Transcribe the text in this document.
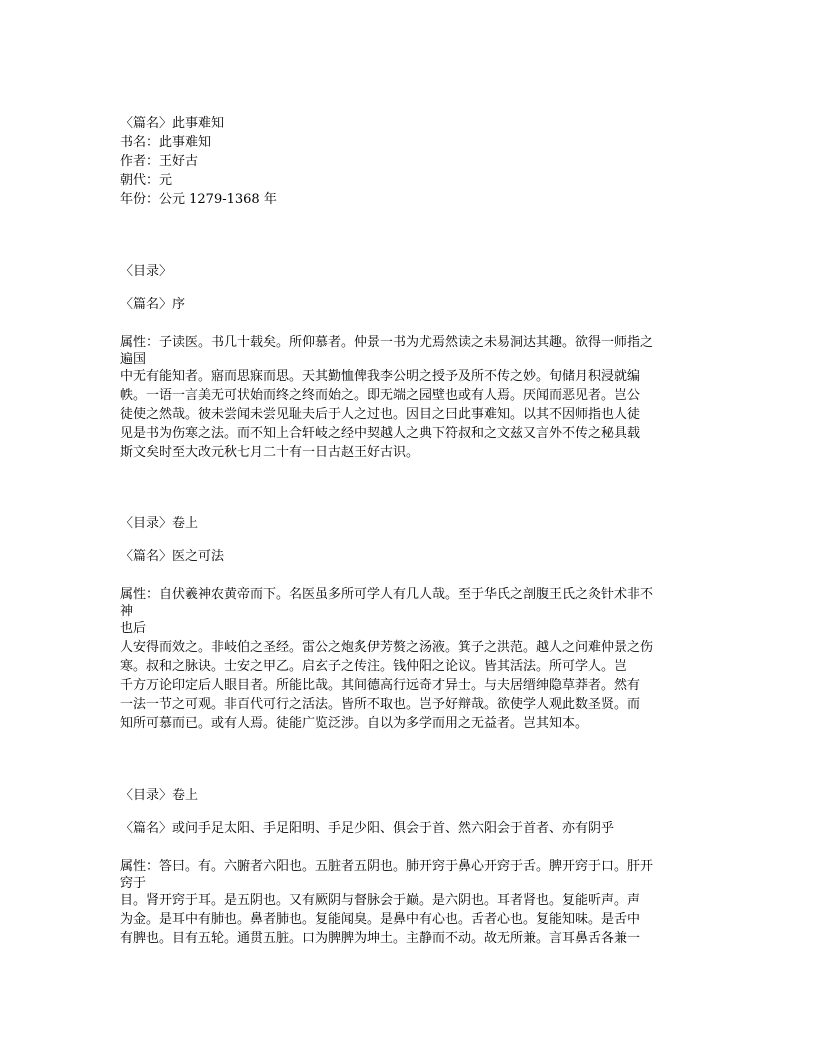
〈篇名〉此事难知
书名：此事难知
作者：王好古
朝代：元
年份：公元 1279-1368 年
〈目录〉
〈篇名〉序
属性：子读医。书几十载矣。所仰慕者。仲景一书为尤焉然读之未易洞达其趣。欲得一师指之
遍国
中无有能知者。寤而思寐而思。天其勤恤俾我李公明之授予及所不传之妙。旬储月积浸就编
帙。一语一言美无可状始而终之终而始之。即无端之园壁也或有人焉。厌闻而恶见者。岂公
徒使之然哉。彼未尝闻未尝见耻夫后于人之过也。因目之曰此事难知。以其不因师指也人徒
见是书为伤寒之法。而不知上合轩岐之经中契越人之典下符叔和之文兹又言外不传之秘具载
斯文矣时至大改元秋七月二十有一日古赵王好古识。
〈目录〉卷上
〈篇名〉医之可法
属性：自伏羲神农黄帝而下。名医虽多所可学人有几人哉。至于华氏之剖腹王氏之灸针术非不
神
也后
人安得而效之。非岐伯之圣经。雷公之炮炙伊芳赘之汤液。箕子之洪范。越人之问难仲景之伤
寒。叔和之脉诀。士安之甲乙。启玄子之传注。钱仲阳之论议。皆其活法。所可学人。岂
千方万论印定后人眼目者。所能比哉。其间德高行远奇才异士。与夫居缙绅隐草莽者。然有
一法一节之可观。非百代可行之活法。皆所不取也。岂予好辩哉。欲使学人观此数圣贤。而
知所可慕而已。或有人焉。徒能广览泛涉。自以为多学而用之无益者。岂其知本。
〈目录〉卷上
〈篇名〉或问手足太阳、手足阳明、手足少阳、俱会于首、然六阳会于首者、亦有阴乎
属性：答曰。有。六腑者六阳也。五脏者五阴也。肺开窍于鼻心开窍于舌。脾开窍于口。肝开
窍于
目。肾开窍于耳。是五阴也。又有厥阴与督脉会于巅。是六阴也。耳者肾也。复能听声。声
为金。是耳中有肺也。鼻者肺也。复能闻臭。是鼻中有心也。舌者心也。复能知味。是舌中
有脾也。目有五轮。通贯五脏。口为脾脾为坤土。主静而不动。故无所兼。言耳鼻舌各兼一
